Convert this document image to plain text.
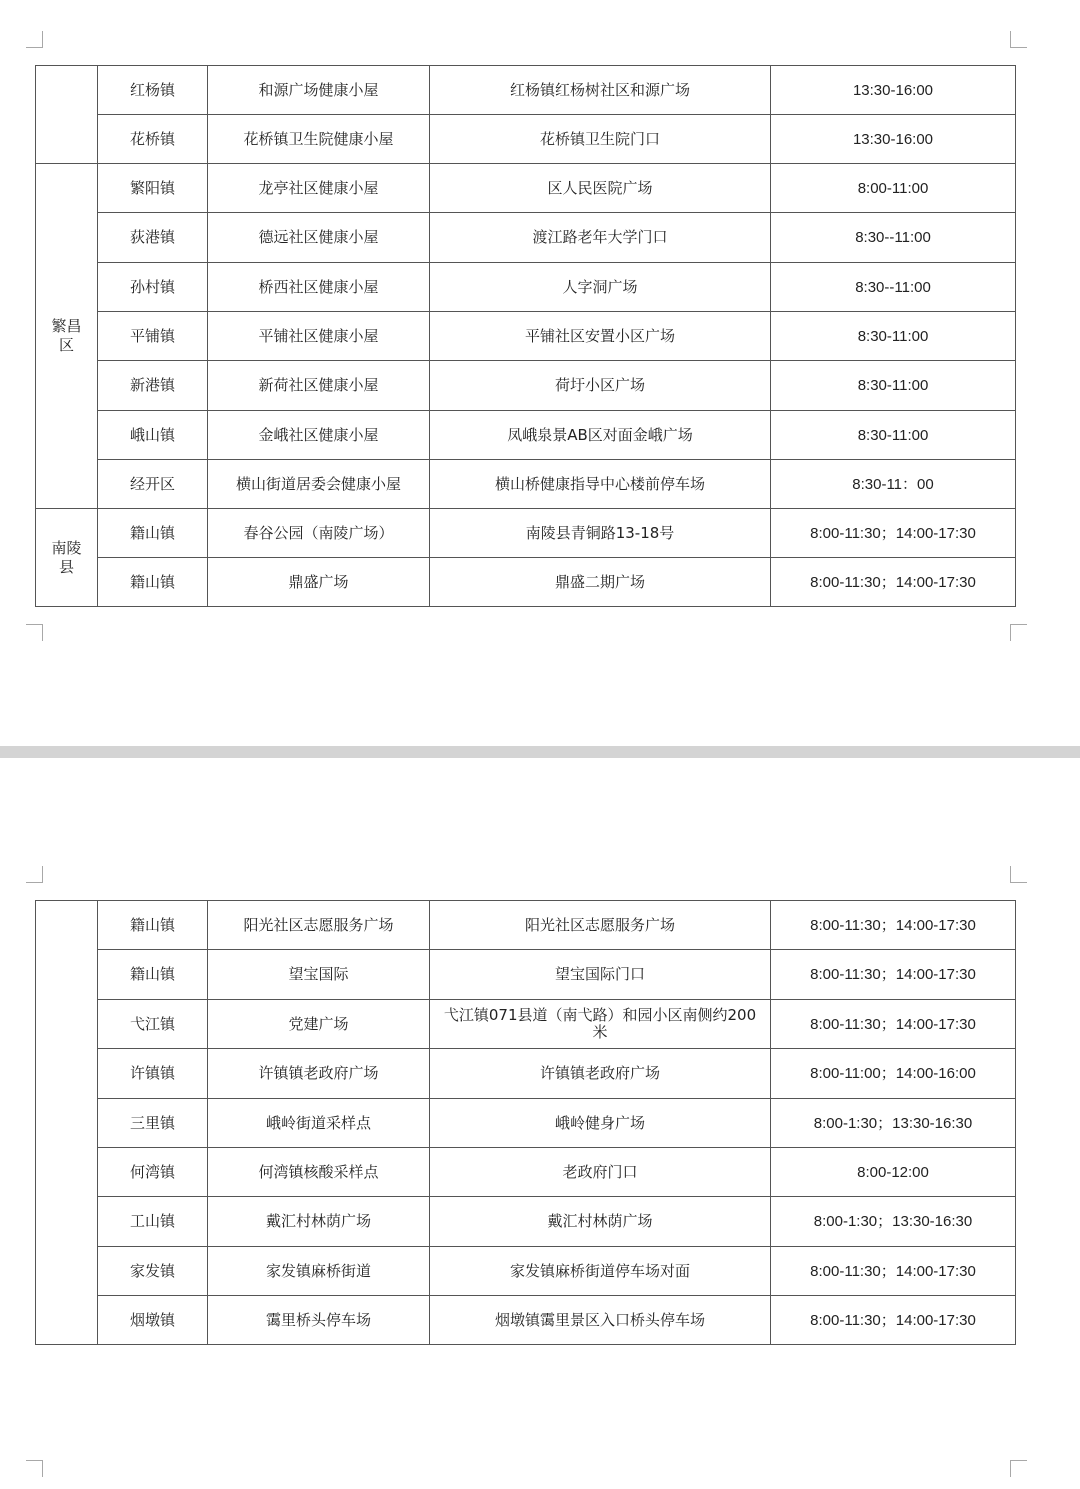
	红杨镇	和源广场健康小屋	红杨镇红杨树社区和源广场	13:30-16:00
	花桥镇	花桥镇卫生院健康小屋	花桥镇卫生院门口	13:30-16:00
繁昌区	繁阳镇	龙亭社区健康小屋	区人民医院广场	8:00-11:00
	荻港镇	德远社区健康小屋	渡江路老年大学门口	8:30--11:00
	孙村镇	桥西社区健康小屋	人字洞广场	8:30--11:00
	平铺镇	平铺社区健康小屋	平铺社区安置小区广场	8:30-11:00
	新港镇	新荷社区健康小屋	荷圩小区广场	8:30-11:00
	峨山镇	金峨社区健康小屋	凤峨泉景AB区对面金峨广场	8:30-11:00
	经开区	横山街道居委会健康小屋	横山桥健康指导中心楼前停车场	8:30-11：00
南陵县	籍山镇	春谷公园（南陵广场）	南陵县青铜路13-18号	8:00-11:30；14:00-17:30
	籍山镇	鼎盛广场	鼎盛二期广场	8:00-11:30；14:00-17:30
	籍山镇	阳光社区志愿服务广场	阳光社区志愿服务广场	8:00-11:30；14:00-17:30
	籍山镇	望宝国际	望宝国际门口	8:00-11:30；14:00-17:30
	弋江镇	党建广场	弋江镇071县道（南弋路）和园小区南侧约200米	8:00-11:30；14:00-17:30
	许镇镇	许镇镇老政府广场	许镇镇老政府广场	8:00-11:00；14:00-16:00
	三里镇	峨岭街道采样点	峨岭健身广场	8:00-1:30；13:30-16:30
	何湾镇	何湾镇核酸采样点	老政府门口	8:00-12:00
	工山镇	戴汇村林荫广场	戴汇村林荫广场	8:00-1:30；13:30-16:30
	家发镇	家发镇麻桥街道	家发镇麻桥街道停车场对面	8:00-11:30；14:00-17:30
	烟墩镇	霭里桥头停车场	烟墩镇霭里景区入口桥头停车场	8:00-11:30；14:00-17:30
